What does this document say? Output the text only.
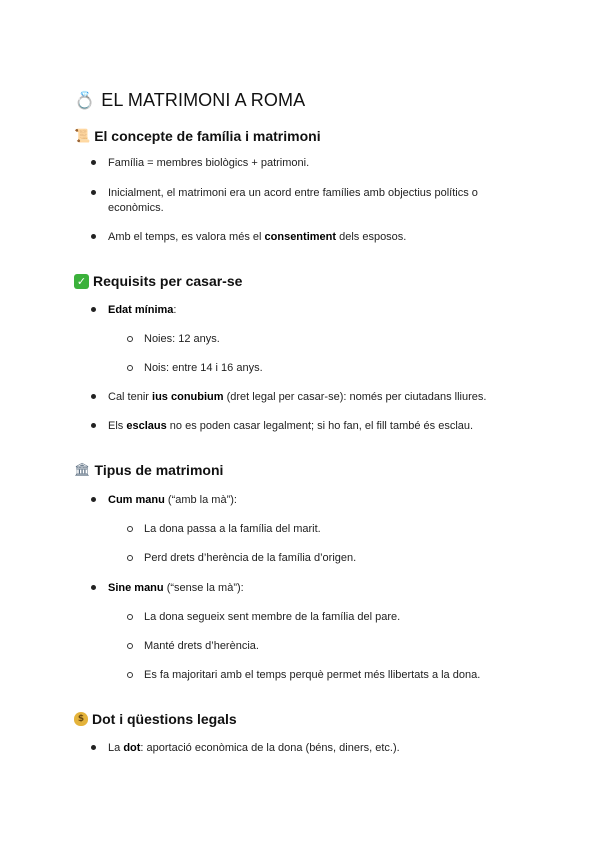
💍 EL MATRIMONI A ROMA
📜 El concepte de família i matrimoni
Família = membres biològics + patrimoni.
Inicialment, el matrimoni era un acord entre famílies amb objectius polítics o
econòmics.
Amb el temps, es valora més el consentiment dels esposos.
✓ Requisits per casar-se
Edat mínima:
Noies: 12 anys.
Nois: entre 14 i 16 anys.
Cal tenir ius conubium (dret legal per casar-se): només per ciutadans lliures.
Els esclaus no es poden casar legalment; si ho fan, el fill també és esclau.
🏛 Tipus de matrimoni
Cum manu (“amb la mà”):
La dona passa a la família del marit.
Perd drets d’herència de la família d’origen.
Sine manu (“sense la mà”):
La dona segueix sent membre de la família del pare.
Manté drets d’herència.
Es fa majoritari amb el temps perquè permet més llibertats a la dona.
$ Dot i qüestions legals
La dot: aportació econòmica de la dona (béns, diners, etc.).
